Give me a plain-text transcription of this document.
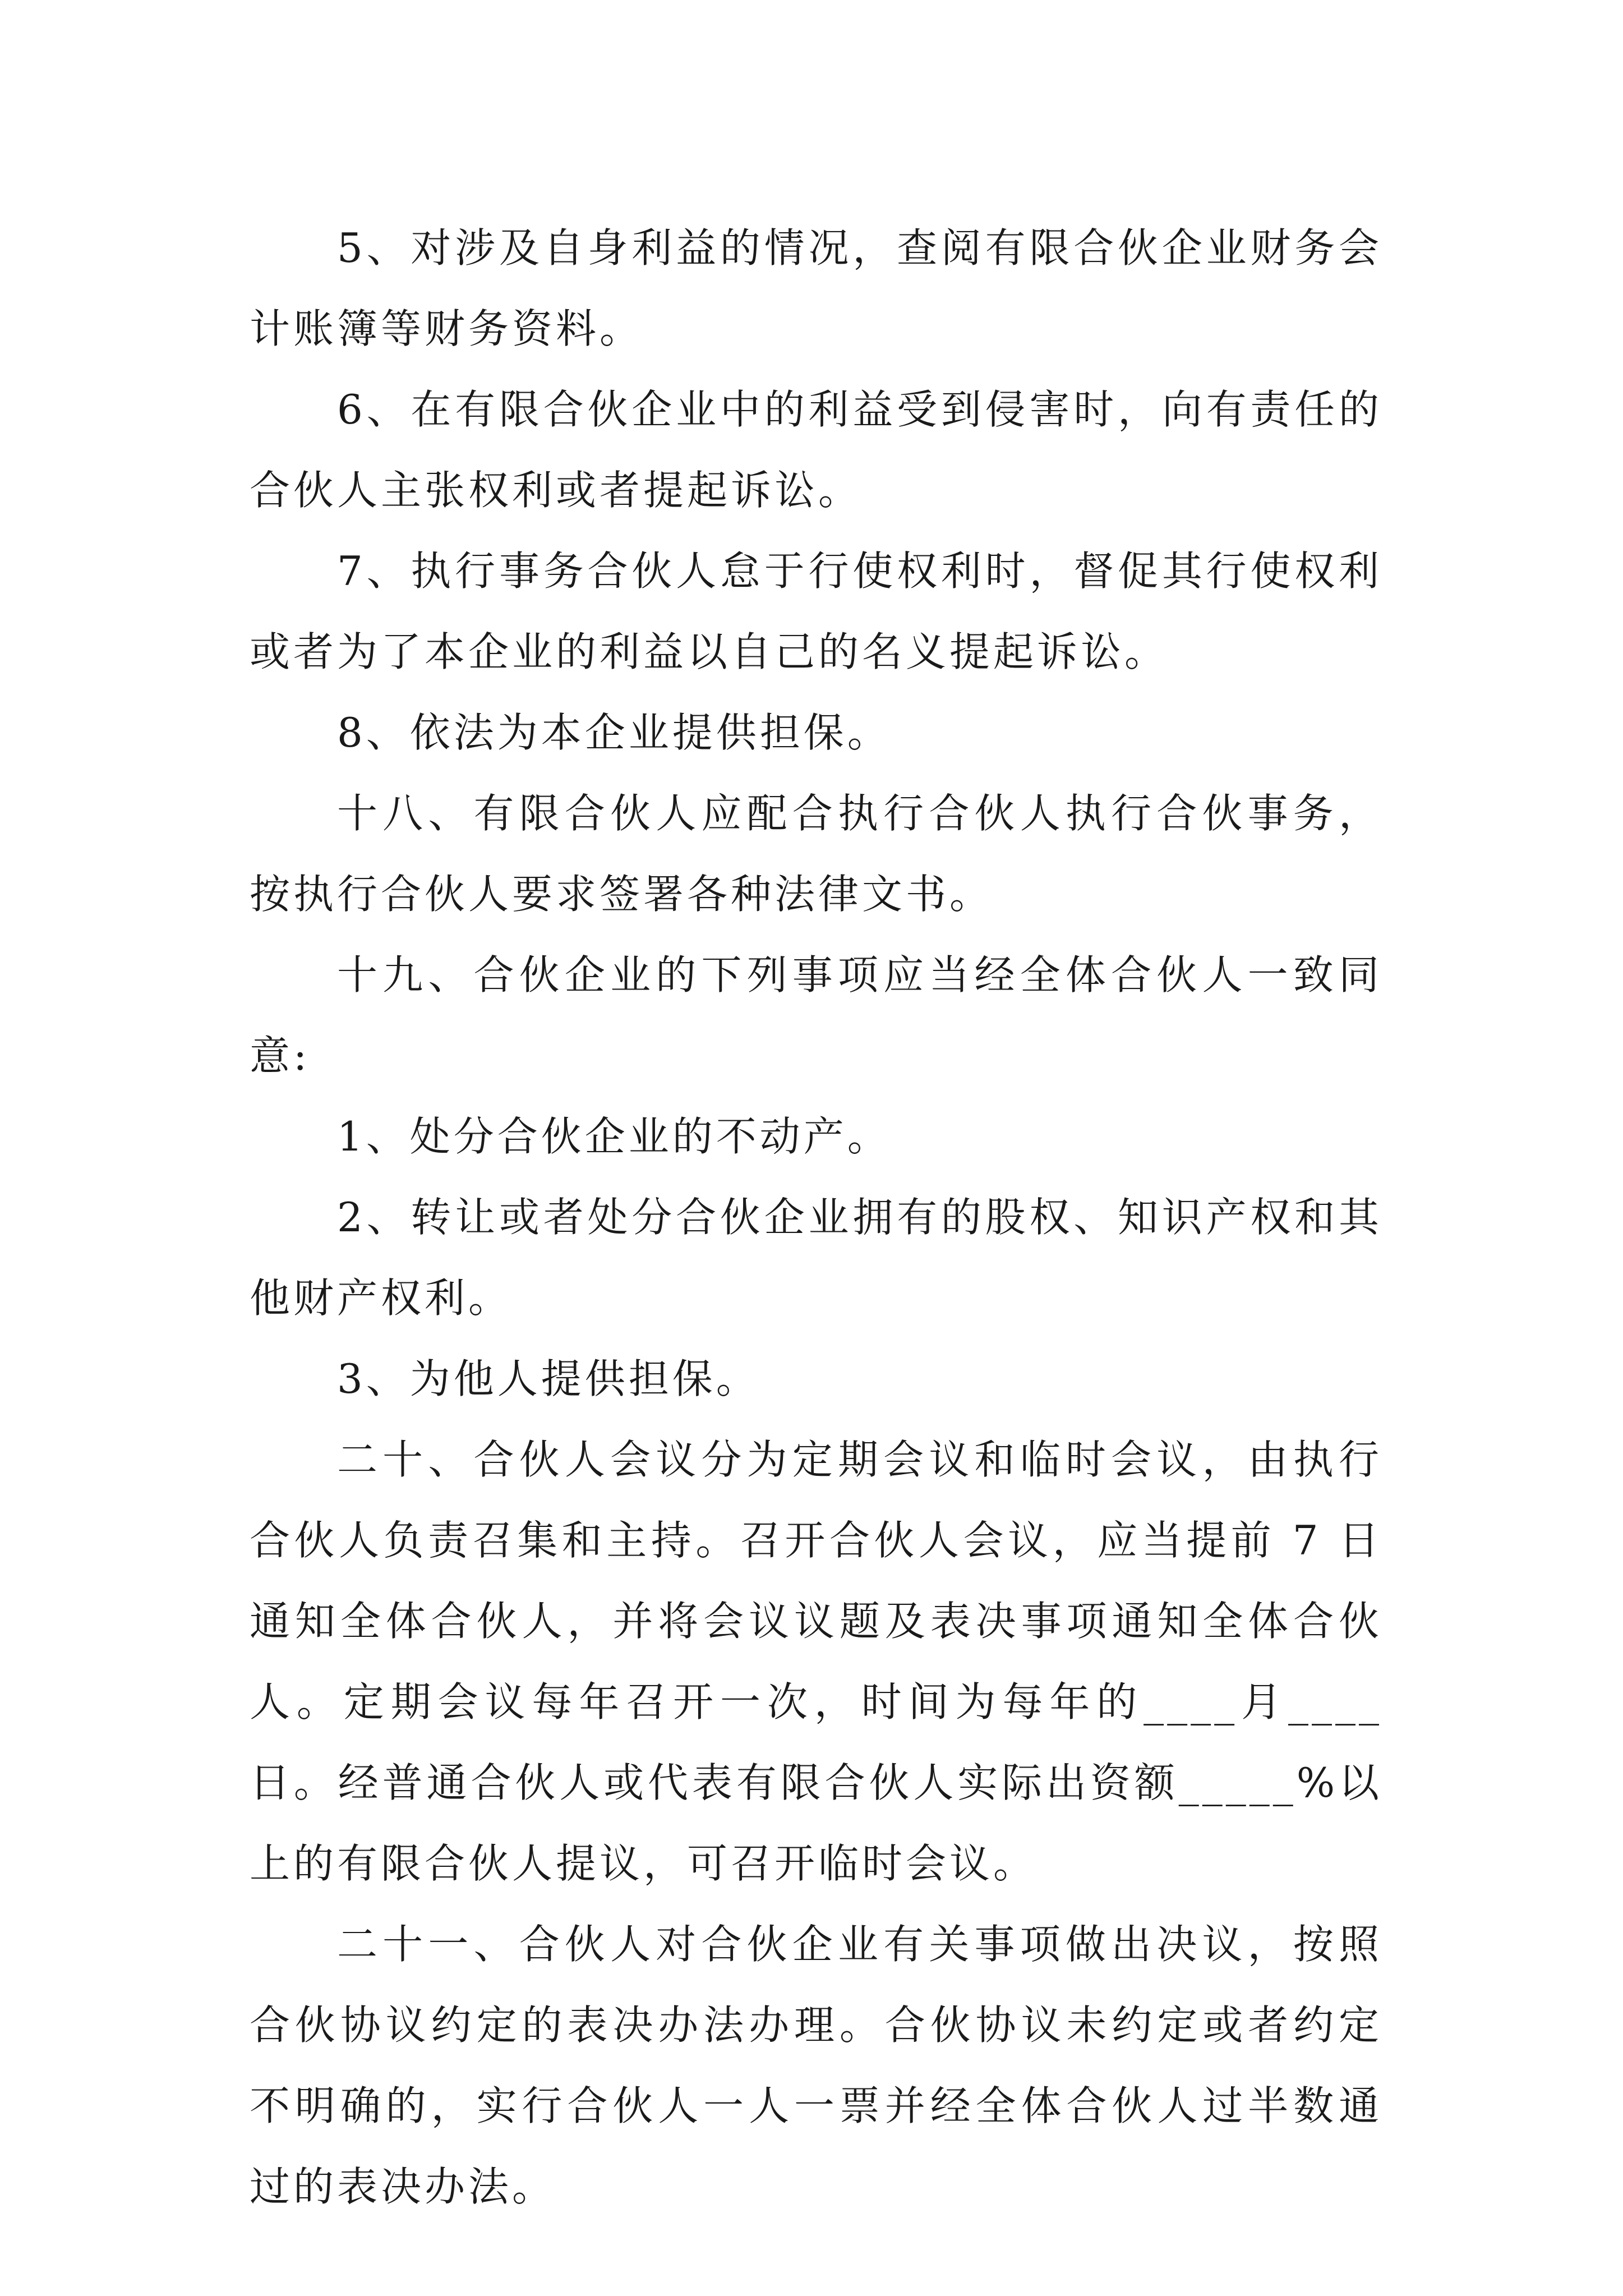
5、对涉及自身利益的情况，查阅有限合伙企业财务会计账簿等财务资料。

6、在有限合伙企业中的利益受到侵害时，向有责任的合伙人主张权利或者提起诉讼。

7、执行事务合伙人怠于行使权利时，督促其行使权利或者为了本企业的利益以自己的名义提起诉讼。

8、依法为本企业提供担保。

十八、有限合伙人应配合执行合伙人执行合伙事务，按执行合伙人要求签署各种法律文书。

十九、合伙企业的下列事项应当经全体合伙人一致同意:

1、处分合伙企业的不动产。

2、转让或者处分合伙企业拥有的股权、知识产权和其他财产权利。

3、为他人提供担保。

二十、合伙人会议分为定期会议和临时会议，由执行合伙人负责召集和主持。召开合伙人会议，应当提前 7 日通知全体合伙人，并将会议议题及表决事项通知全体合伙人。定期会议每年召开一次，时间为每年的____月____日。经普通合伙人或代表有限合伙人实际出资额_____%以上的有限合伙人提议，可召开临时会议。

二十一、合伙人对合伙企业有关事项做出决议，按照合伙协议约定的表决办法办理。合伙协议未约定或者约定不明确的，实行合伙人一人一票并经全体合伙人过半数通过的表决办法。
